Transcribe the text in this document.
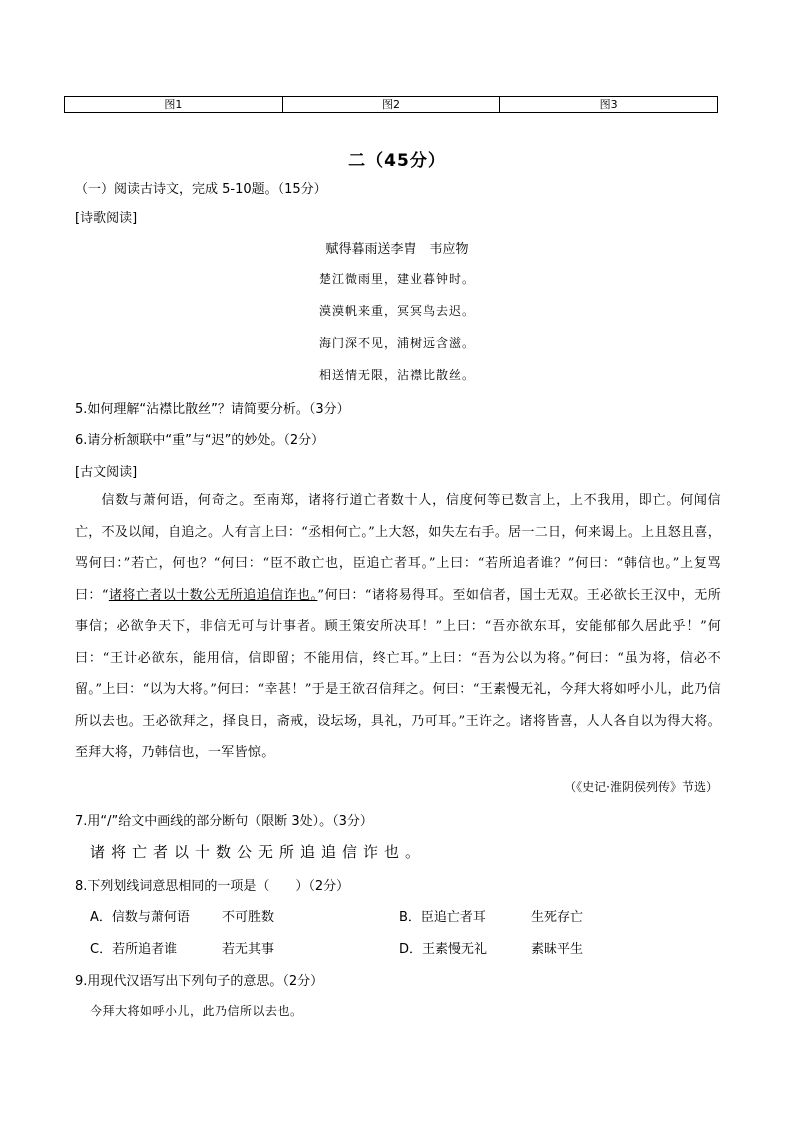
图1	图2	图3
二（45分）
（一）阅读古诗文，完成 5-10题。（15分）
[诗歌阅读]
赋得暮雨送李胄　韦应物
楚江微雨里，建业暮钟时。
漠漠帆来重，冥冥鸟去迟。
海门深不见，浦树远含滋。
相送情无限，沾襟比散丝。
5.如何理解“沾襟比散丝”？请简要分析。（3分）
6.请分析颔联中“重”与“迟”的妙处。（2分）
[古文阅读]
信数与萧何语，何奇之。至南郑，诸将行道亡者数十人，信度何等已数言上，上不我用，即亡。何闻信亡，不及以闻，自追之。人有言上曰：“丞相何亡。”上大怒，如失左右手。居一二日，何来谒上。上且怒且喜，骂何曰：”若亡，何也？“何曰：“臣不敢亡也，臣追亡者耳。”上曰：“若所追者谁？”何曰：“韩信也。”上复骂曰：“诸将亡者以十数公无所追追信诈也。”何曰：“诸将易得耳。至如信者，国士无双。王必欲长王汉中，无所事信；必欲争天下，非信无可与计事者。顾王策安所决耳！”上曰：“吾亦欲东耳，安能郁郁久居此乎！”何曰：“王计必欲东，能用信，信即留；不能用信，终亡耳。”上曰：“吾为公以为将。”何曰：“虽为将，信必不留。”上曰：“以为大将。”何曰：“幸甚！”于是王欲召信拜之。何曰：“王素慢无礼，今拜大将如呼小儿，此乃信所以去也。王必欲拜之，择良日，斋戒，设坛场，具礼，乃可耳。”王许之。诸将皆喜，人人各自以为得大将。至拜大将，乃韩信也，一军皆惊。
（《史记·淮阴侯列传》节选）
7.用“/”给文中画线的部分断句（限断 3处）。（3分）
诸将亡者以十数公无所追追信诈也。
8.下列划线词意思相同的一项是（　　）（2分）
A．信数与萧何语 不可胜数	B．臣追亡者耳	生死存亡
C．若所追者谁	若无其事	D．王素慢无礼	素昧平生
9.用现代汉语写出下列句子的意思。（2分）
今拜大将如呼小儿，此乃信所以去也。
